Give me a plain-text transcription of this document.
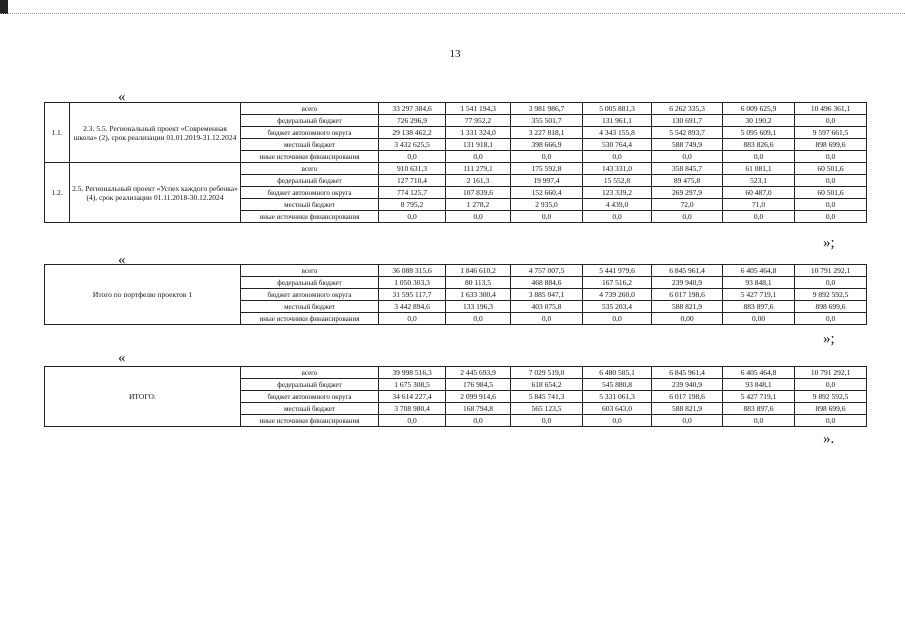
13
«
1.1.	2.3. 5.5. Региональный проект «Современная школа» (2), срок реализации 01.01.2019-31.12.2024	всего	33 297 384,6	1 541 194,3	3 981 986,7	5 005 881,3	6 262 335,3	6 009 625,9	10 496 361,1
		федеральный бюджет	726 296,9	77 952,2	355 501,7	131 961,1	130 691,7	30 190,2	0,0
		бюджет автономного округа	29 138 462,2	1 331 324,0	3 227 818,1	4 343 155,8	5 542 893,7	5 095 609,1	9 597 661,5
		местный бюджет	3 432 625,5	131 918,1	398 666,9	530 764,4	588 749,9	883 826,6	898 699,6
		иные источники финансирования	0,0	0,0	0,0	0,0	0,0	0,0	0,0
1.2.	2.5. Региональный проект «Успех каждого ребенка» (4), срок реализации 01.11.2018-30.12.2024	всего	910 631,3	111 279,1	175 592,8	143 331,0	358 845,7	61 081,1	60 501,6
		федеральный бюджет	127 710,4	2 161,3	19 997,4	15 552,8	89 475,8	523,1	0,0
		бюджет автономного округа	774 125,7	107 839,6	152 660,4	123 339,2	269 297,9	60 487,0	60 501,6
		местный бюджет	8 795,2	1 278,2	2 935,0	4 439,0	72,0	71,0	0,0
		иные источники финансирования	0,0	0,0	0,0	0,0	0,0	0,0	0,0
»;
«
Итого по портфелю проектов 1	всего	36 088 315,6	1 846 610,2	4 757 007,5	5 441 979,6	6 845 961,4	6 405 464,8	10 791 292,1
	федеральный бюджет	1 050 303,3	80 113,5	468 884,6	167 516,2	239 940,9	93 848,1	0,0
	бюджет автономного округа	31 595 117,7	1 633 300,4	3 885 047,1	4 739 260,0	6 017 198,6	5 427 719,1	9 892 592,5
	местный бюджет	3 442 894,6	133 196,3	403 075,8	535 203,4	588 821,9	883 897,6	898 699,6
	иные источники финансирования	0,0	0,0	0,0	0,0	0,00	0,00	0,0
»;
«
ИТОГО:	всего	39 998 516,3	2 445 693,9	7 029 519,0	6 480 585,1	6 845 961,4	6 405 464,8	10 791 292,1
	федеральный бюджет	1 675 308,5	176 984,5	618 654,2	545 880,8	239 940,9	93 848,1	0,0
	бюджет автономного округа	34 614 227,4	2 099 914,6	5 845 741,3	5 331 061,3	6 017 198,6	5 427 719,1	9 892 592,5
	местный бюджет	3 708 980,4	168 794,8	565 123,5	603 643,0	588 821,9	883 897,6	898 699,6
	иные источники финансирования	0,0	0,0	0,0	0,0	0,0	0,0	0,0
».
